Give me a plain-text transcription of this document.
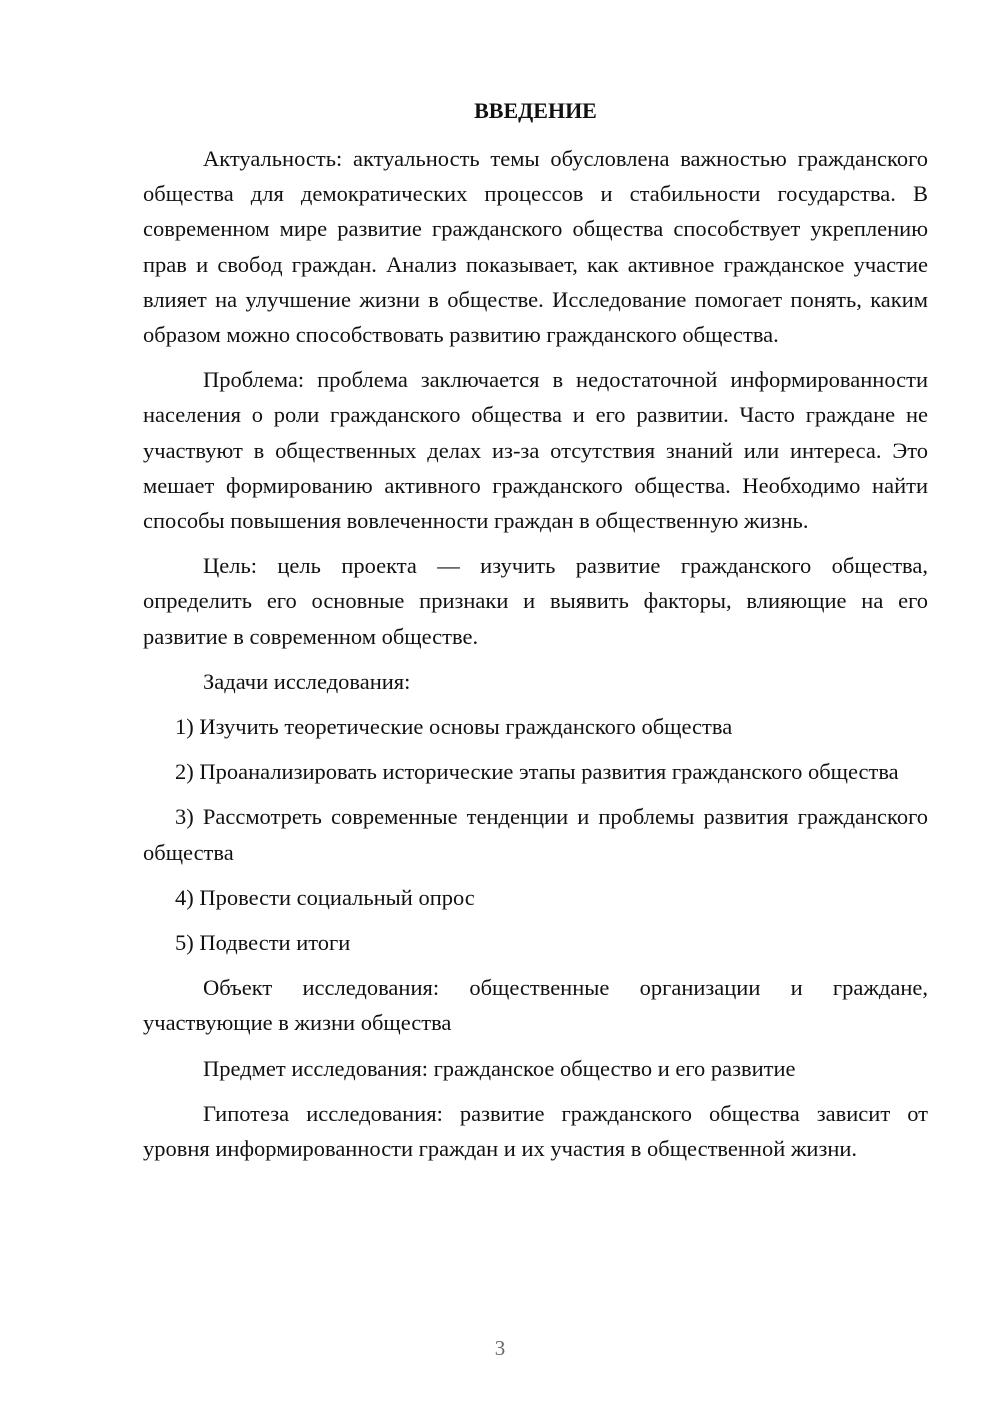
ВВЕДЕНИЕ

Актуальность: актуальность темы обусловлена важностью гражданского общества для демократических процессов и стабильности государства. В современном мире развитие гражданского общества способствует укреплению прав и свобод граждан. Анализ показывает, как активное гражданское участие влияет на улучшение жизни в обществе. Исследование помогает понять, каким образом можно способствовать развитию гражданского общества.

Проблема: проблема заключается в недостаточной информированности населения о роли гражданского общества и его развитии. Часто граждане не участвуют в общественных делах из-за отсутствия знаний или интереса. Это мешает формированию активного гражданского общества. Необходимо найти способы повышения вовлеченности граждан в общественную жизнь.

Цель: цель проекта — изучить развитие гражданского общества, определить его основные признаки и выявить факторы, влияющие на его развитие в современном обществе.

Задачи исследования:

1) Изучить теоретические основы гражданского общества

2) Проанализировать исторические этапы развития гражданского общества

3) Рассмотреть современные тенденции и проблемы развития гражданского общества

4) Провести социальный опрос

5) Подвести итоги

Объект исследования: общественные организации и граждане, участвующие в жизни общества

Предмет исследования: гражданское общество и его развитие

Гипотеза исследования: развитие гражданского общества зависит от уровня информированности граждан и их участия в общественной жизни.

3
